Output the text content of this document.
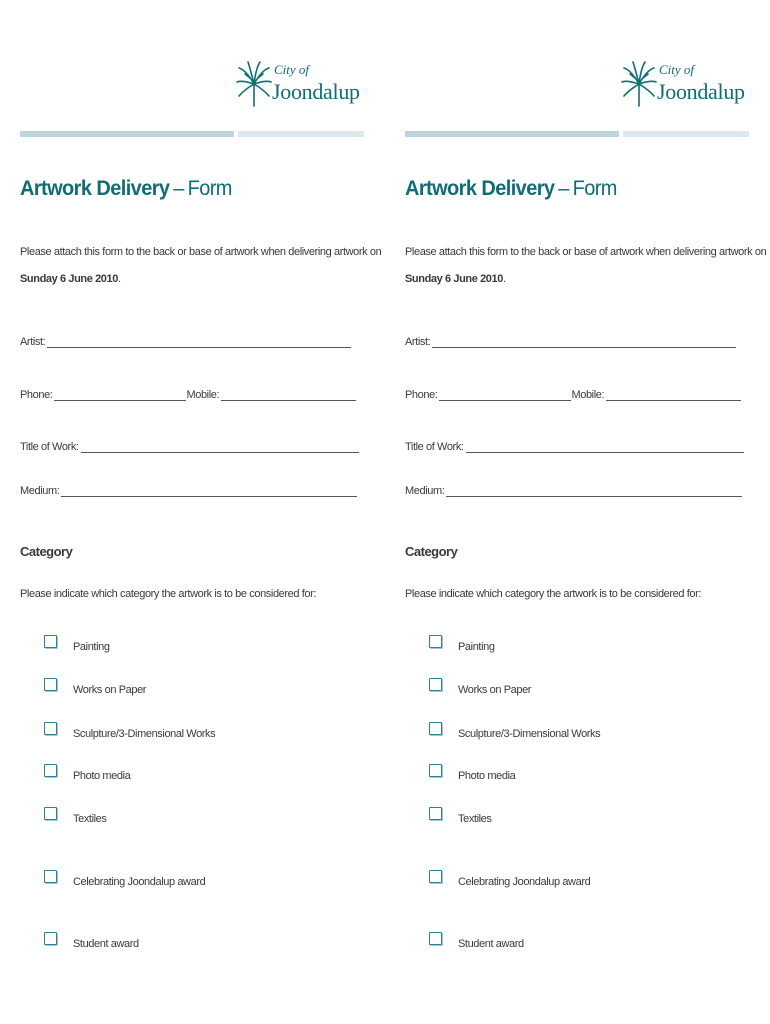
City of
Joondalup
Artwork Delivery – Form
Please attach this form to the back or base of artwork when delivering artwork on
Sunday 6 June 2010.
Artist:
Phone:	Mobile:
Title of Work:
Medium:
Category
Please indicate which category the artwork is to be considered for:
Painting
Works on Paper
Sculpture/3-Dimensional Works
Photo media
Textiles
Celebrating Joondalup award
Student award
City of
Joondalup
Artwork Delivery – Form
Please attach this form to the back or base of artwork when delivering artwork on
Sunday 6 June 2010.
Artist:
Phone:	Mobile:
Title of Work:
Medium:
Category
Please indicate which category the artwork is to be considered for:
Painting
Works on Paper
Sculpture/3-Dimensional Works
Photo media
Textiles
Celebrating Joondalup award
Student award
